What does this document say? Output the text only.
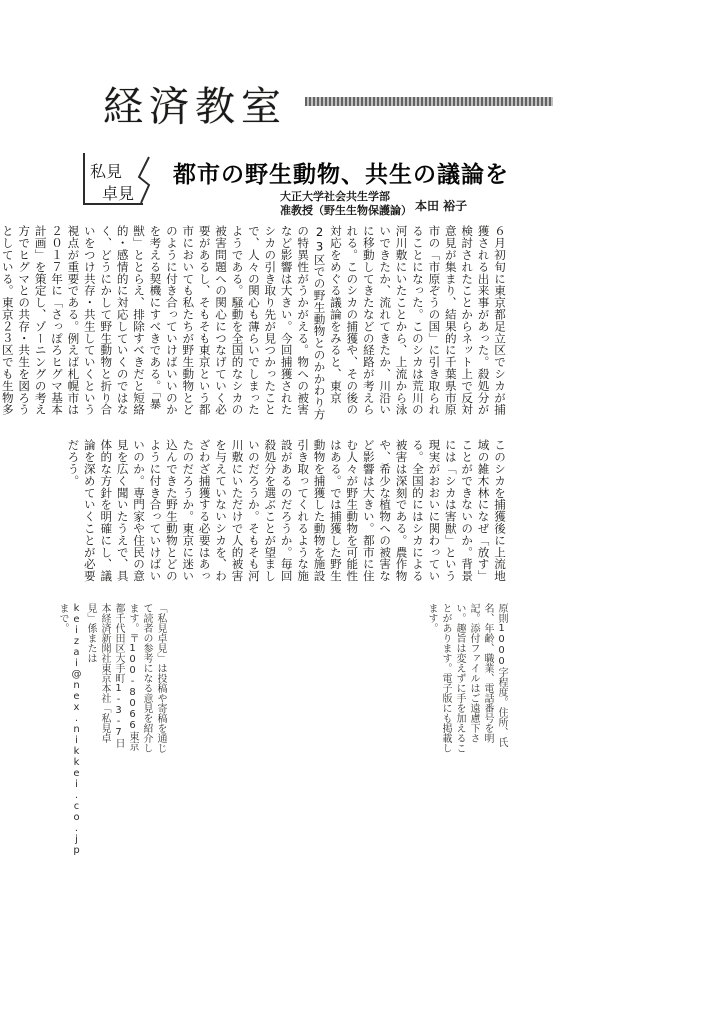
経済教室
私見
卓見
都市の野生動物、共生の議論を
大正大学社会共生学部
准教授（野生生物保護論） 本田 裕子
６月初旬に東京都足立区でシカが捕獲される出来事があった。殺処分が検討されたことからネット上で反対意見が集まり、結果的に千葉県市原市の「市原ぞうの国」に引き取られることになった。このシカは荒川の河川敷にいたことから、上流から泳いできたか、流れてきたか、川沿いに移動してきたなどの経路が考えられる。このシカの捕獲や、その後の対応をめぐる議論をみると、東京23区での野生動物とのかかわり方の特異性がうかがえる。物への被害など影響は大きい。今回捕獲されたシカの引き取り先が見つかったことで、人々の関心も薄らいでしまったようである。騒動を全国的なシカの被害問題への関心につなげていく必要があるし、そもそも東京という都市においても私たちが野生動物とどのように付き合っていけばいいのかを考える契機にすべきである。「暴獣」ととらえ、排除すべきだと短絡的・感情的に対応していくのではなく、どうにかして野生動物と折り合いをつけ共存・共生していくという視点が重要である。例えば札幌市は２０１７年に「さっぽろヒグマ基本計画」を策定し、ゾーニングの考え方でヒグマとの共存・共生を図ろうとしている。東京２３区でも生物多
このシカを捕獲後に上流地域の雑木林になぜ「放す」ことができないのか。背景には「シカは害獣」という現実がおおいに関わっている。全国的にはシカによる被害は深刻である。農作物や、希少な植物への被害など影響は大きい。都市に住む人々が野生動物を可能性はある。では捕獲した野生動物を捕獲した動物を施設引き取ってくれるような施設があるのだろうか。毎回殺処分を選ぶことが望ましいのだろうか。そもそも河川敷にいただけで人的被害を与えていないシカを、わざわざ捕獲する必要はあったのだろうか。東京に迷い込んできた野生動物とどのように付き合っていけばいいのか。専門家や住民の意見を広く聞いたうえで、具体的な方針を明確にし、議論を深めていくことが必要だろう。
「私見卓見」は投稿や寄稿を通じて読者の参考になる意見を紹介します。〒100-8066東京都千代田区大手町1-3-7日本経済新聞社東京本社「私見卓見」係またはkeizai@nex.nikkei.co.jpまで。	原則1000字程度。住所、氏名、年齢、職業、電話番号を明記。添付ファイルはご遠慮下さい。趣旨は変えずに手を加えることがあります。電子版にも掲載します。
